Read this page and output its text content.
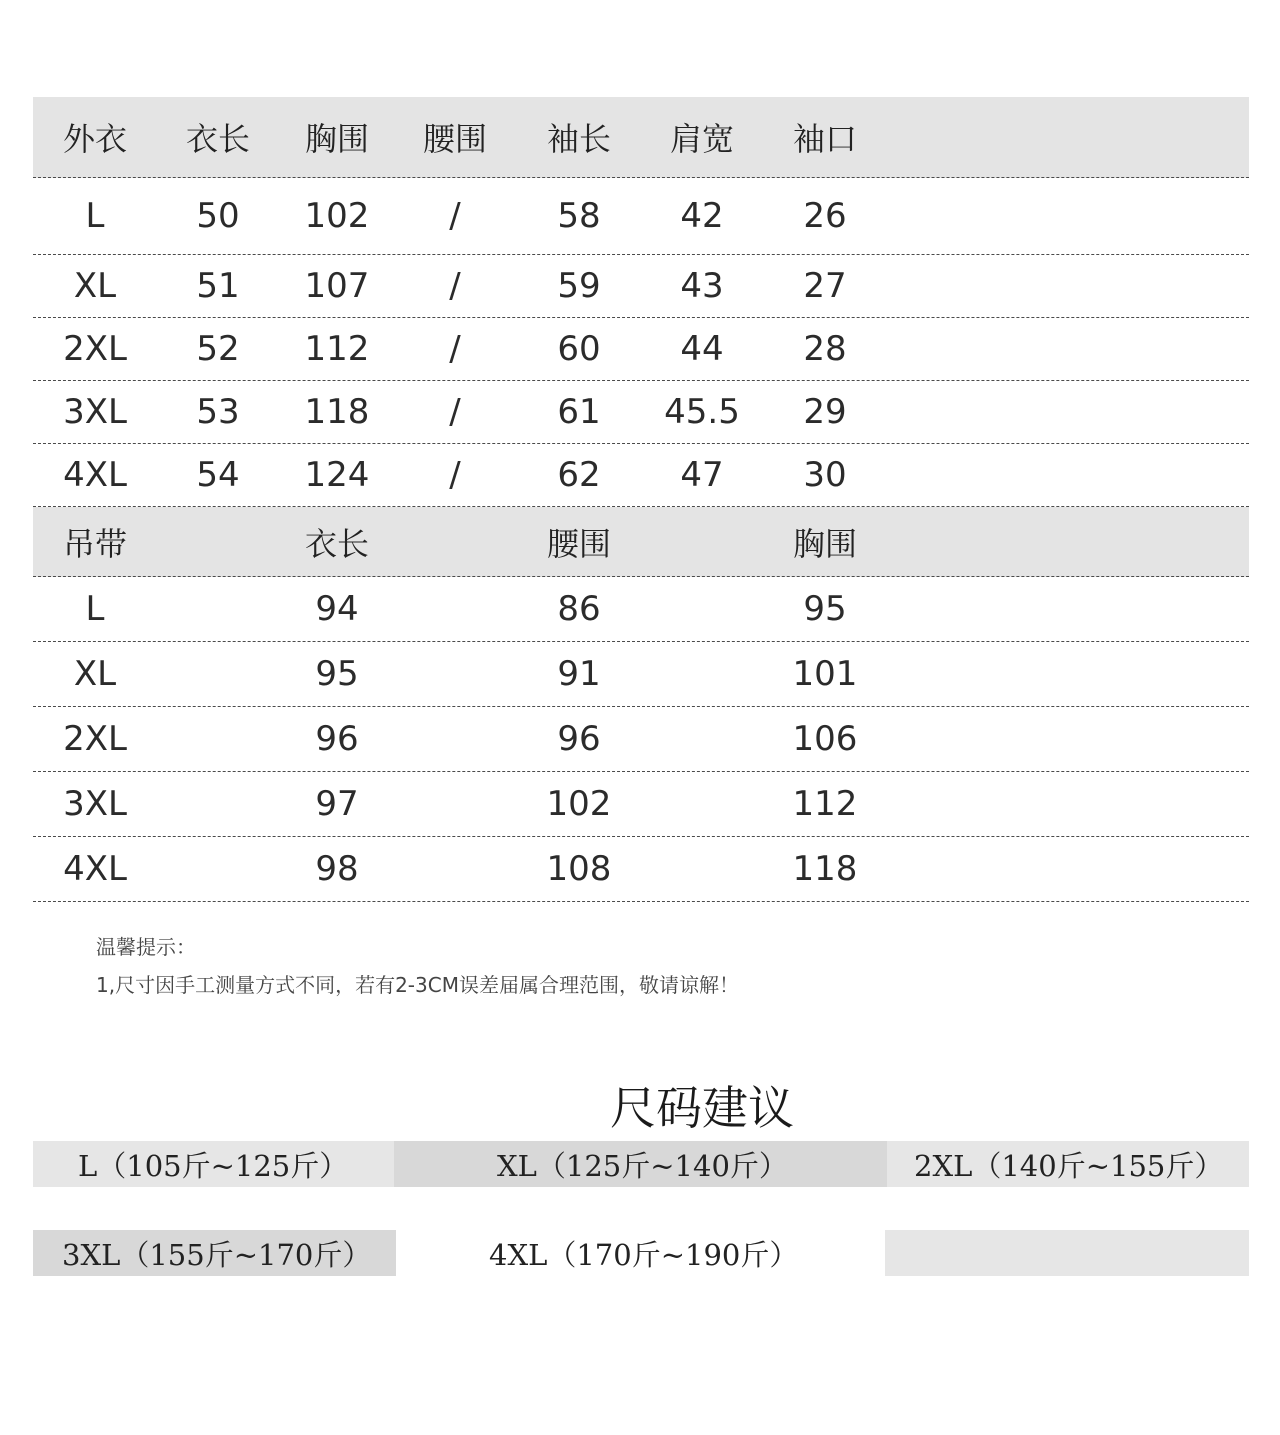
外衣 衣长 胸围 腰围 袖长 肩宽 袖口
L	50 102 /	58 42 26
XL 51 107 /	59 43 27
2XL 52 112 /	60 44 28
3XL 53 118 /	61 45.5 29
4XL 54 124 /	62 47 30
吊带	衣长	腰围	胸围
L	94	86	95
XL	95	91	101
2XL	96	96	106
3XL	97	102	112
4XL	98	108	118
温馨提示：
1,尺寸因手工测量方式不同，若有2-3CM误差届属合理范围，敬请谅解！
尺码建议
L（105斤~125斤）	XL（125斤~140斤）	2XL（140斤~155斤）
3XL（155斤~170斤）	4XL（170斤~190斤）
